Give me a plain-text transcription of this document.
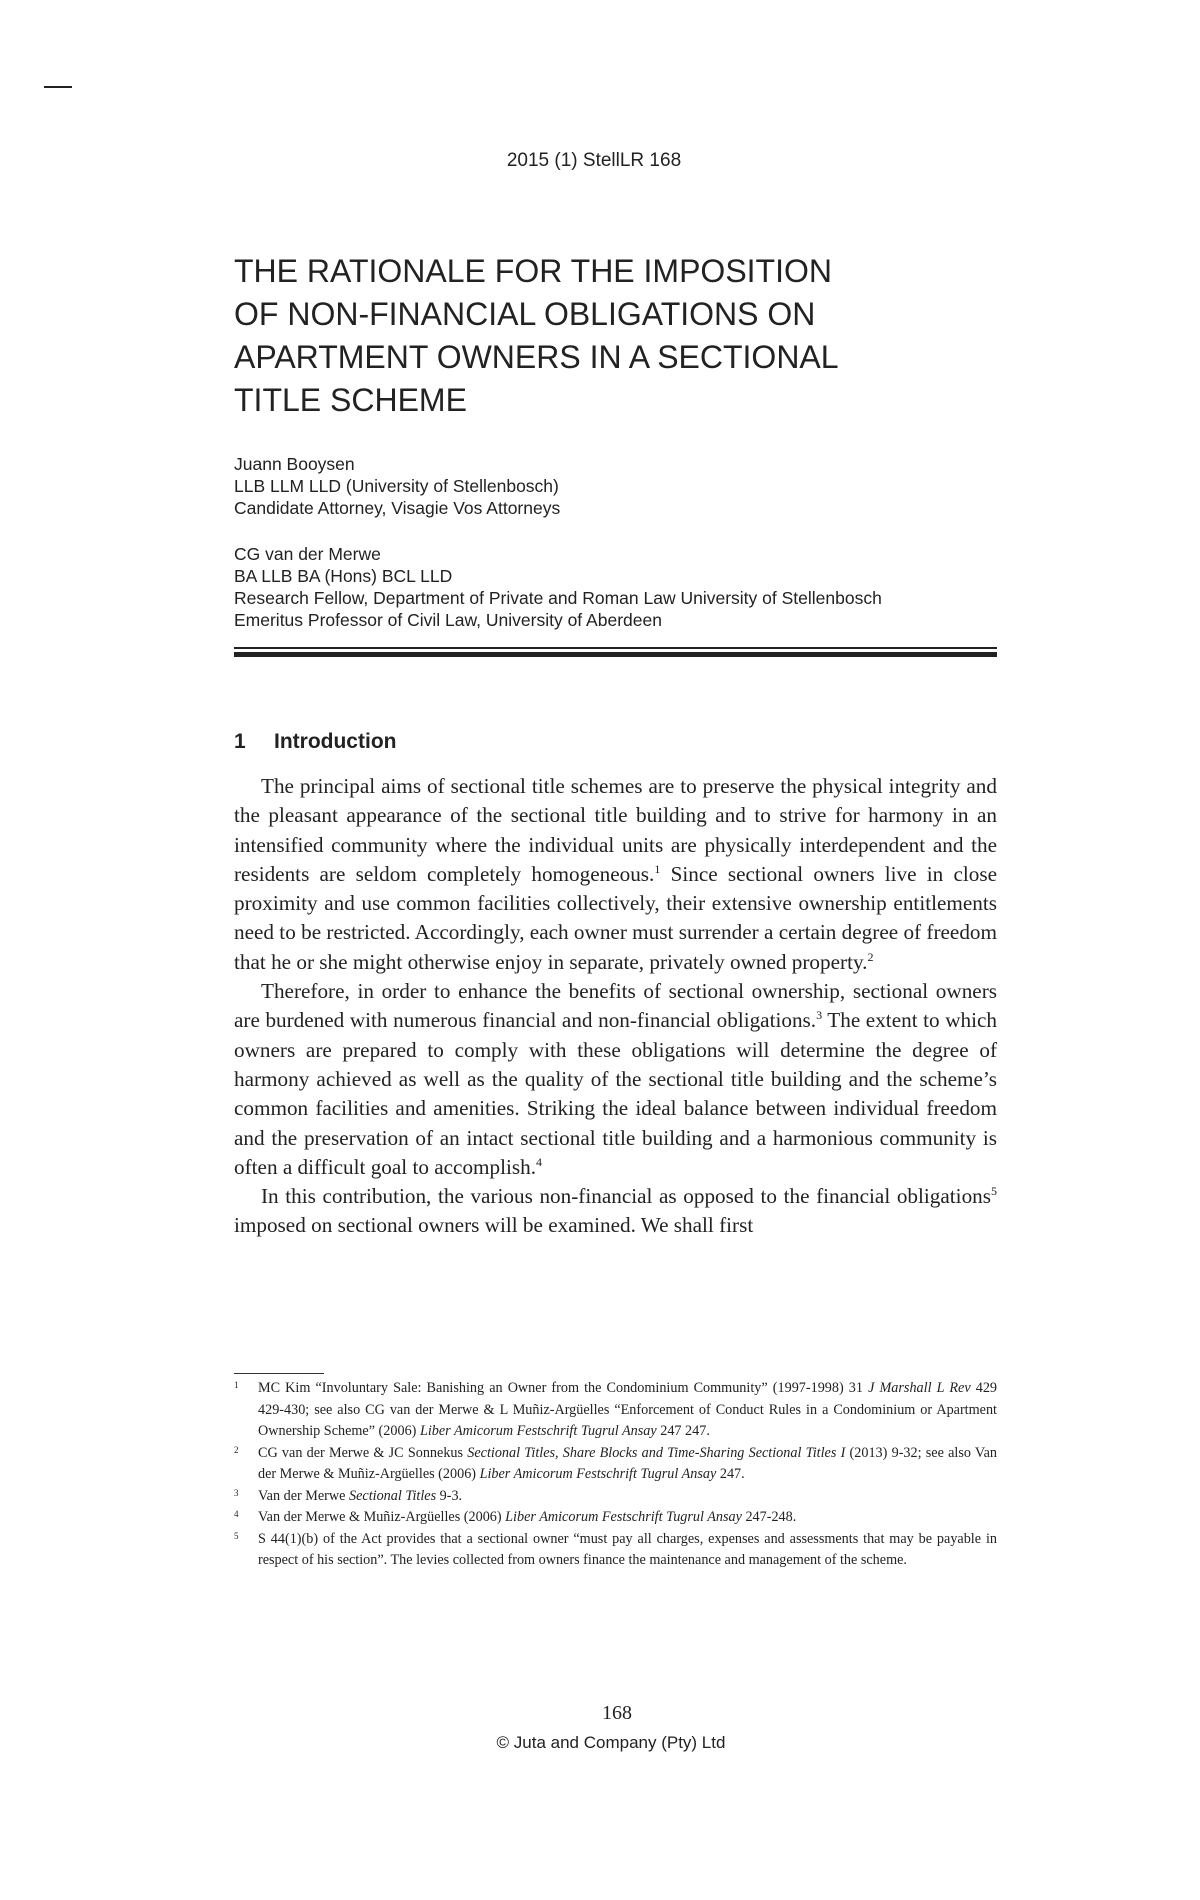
2015 (1) StellLR 168
THE RATIONALE FOR THE IMPOSITION
OF NON-FINANCIAL OBLIGATIONS ON
APARTMENT OWNERS IN A SECTIONAL
TITLE SCHEME
Juann Booysen
LLB LLM LLD (University of Stellenbosch)
Candidate Attorney, Visagie Vos Attorneys
CG van der Merwe
BA LLB BA (Hons) BCL LLD
Research Fellow, Department of Private and Roman Law University of Stellenbosch
Emeritus Professor of Civil Law, University of Aberdeen
1 Introduction

The principal aims of sectional title schemes are to preserve the physical integrity and the pleasant appearance of the sectional title building and to strive for harmony in an intensified community where the individual units are physically interdependent and the residents are seldom completely homogeneous.$^1$ Since sectional owners live in close proximity and use common facilities collectively, their extensive ownership entitlements need to be restricted. Accordingly, each owner must surrender a certain degree of freedom that he or she might otherwise enjoy in separate, privately owned property.$^2$

Therefore, in order to enhance the benefits of sectional ownership, sectional owners are burdened with numerous financial and non-financial obligations.$^3$ The extent to which owners are prepared to comply with these obligations will determine the degree of harmony achieved as well as the quality of the sectional title building and the scheme’s common facilities and amenities. Striking the ideal balance between individual freedom and the preservation of an intact sectional title building and a harmonious community is often a difficult goal to accomplish.$^4$

In this contribution, the various non-financial as opposed to the financial obligations$^5$ imposed on sectional owners will be examined. We shall first

1 MC Kim “Involuntary Sale: Banishing an Owner from the Condominium Community” (1997-1998) 31 J Marshall L Rev 429 429-430; see also CG van der Merwe & L Muñiz-Argüelles “Enforcement of Conduct Rules in a Condominium or Apartment Ownership Scheme” (2006) Liber Amicorum Festschrift Tugrul Ansay 247 247.
2 CG van der Merwe & JC Sonnekus Sectional Titles, Share Blocks and Time-Sharing Sectional Titles I (2013) 9-32; see also Van der Merwe & Muñiz-Argüelles (2006) Liber Amicorum Festschrift Tugrul Ansay 247.
3 Van der Merwe Sectional Titles 9-3.
4 Van der Merwe & Muñiz-Argüelles (2006) Liber Amicorum Festschrift Tugrul Ansay 247-248.
5 S 44(1)(b) of the Act provides that a sectional owner “must pay all charges, expenses and assessments that may be payable in respect of his section”. The levies collected from owners finance the maintenance and management of the scheme.
168
© Juta and Company (Pty) Ltd
